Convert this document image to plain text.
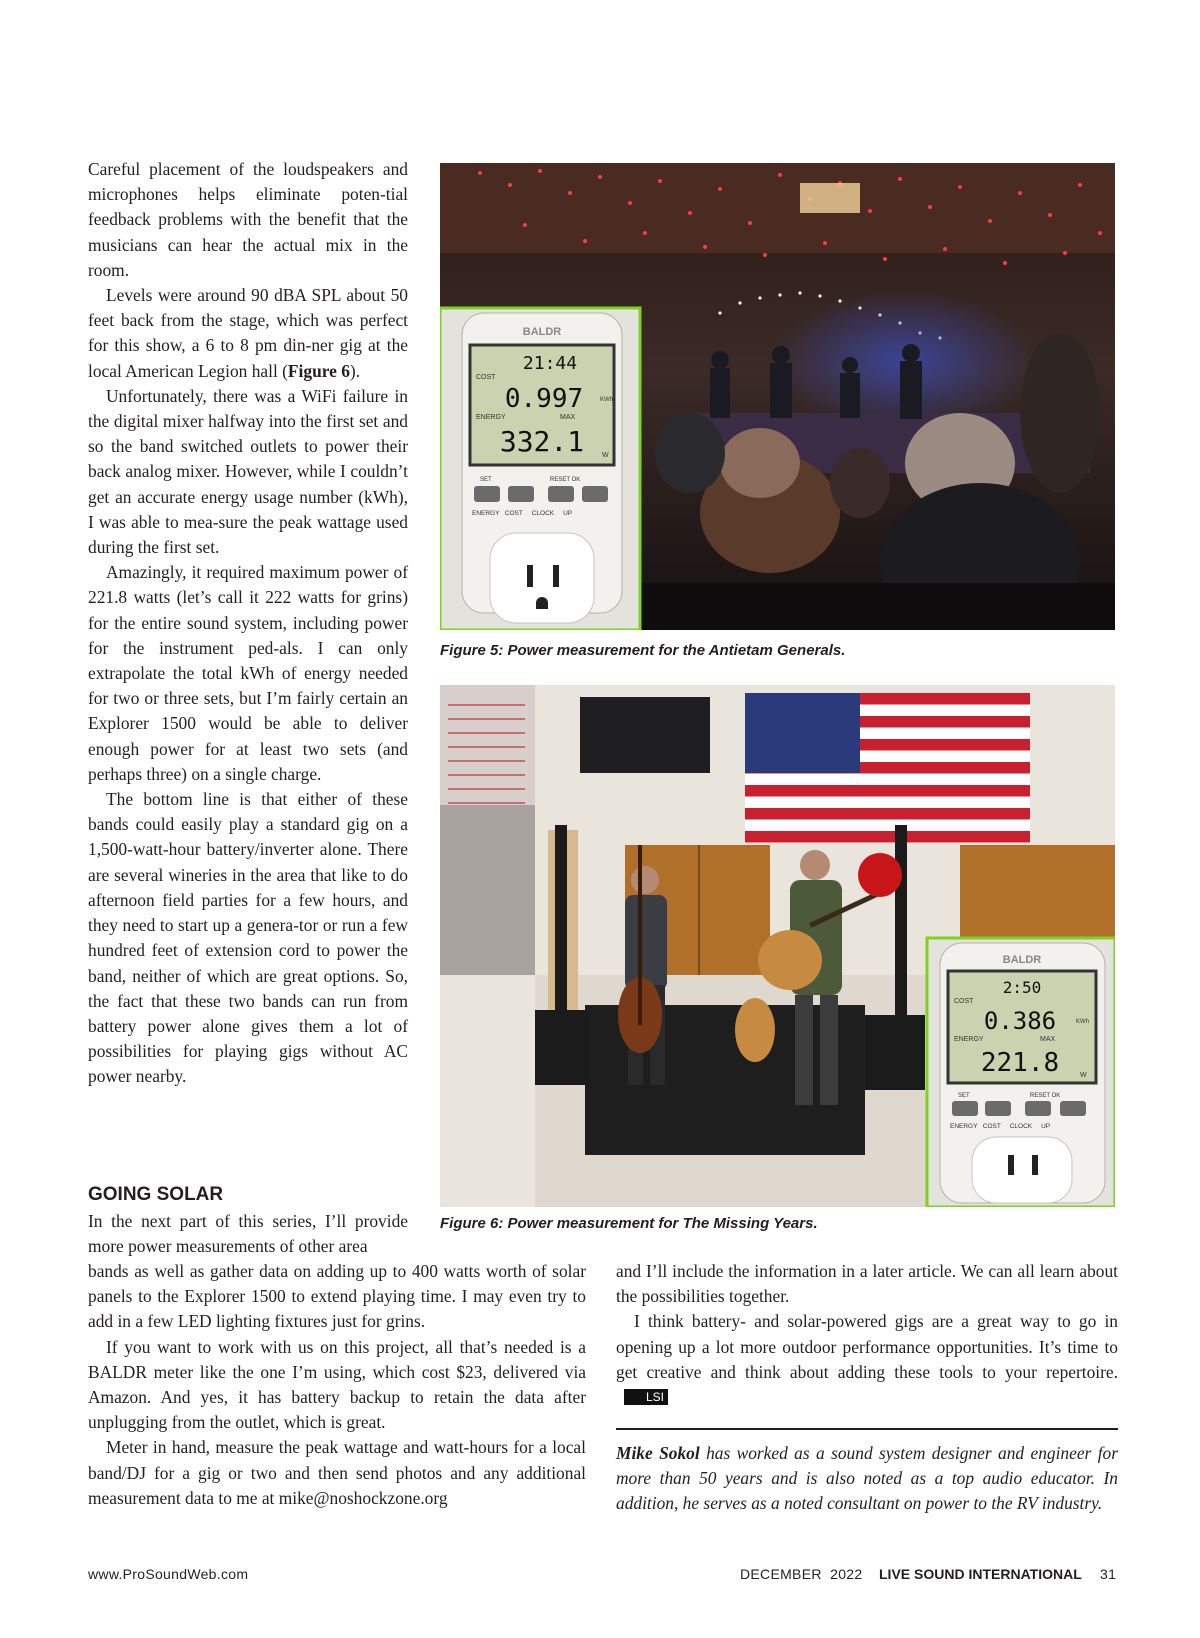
Careful placement of the loudspeakers and microphones helps eliminate poten-tial feedback problems with the benefit that the musicians can hear the actual mix in the room.

Levels were around 90 dBA SPL about 50 feet back from the stage, which was perfect for this show, a 6 to 8 pm din-ner gig at the local American Legion hall (Figure 6).

Unfortunately, there was a WiFi failure in the digital mixer halfway into the first set and so the band switched outlets to power their back analog mixer. However, while I couldn’t get an accurate energy usage number (kWh), I was able to mea-sure the peak wattage used during the first set.

Amazingly, it required maximum power of 221.8 watts (let’s call it 222 watts for grins) for the entire sound system, including power for the instrument ped-als. I can only extrapolate the total kWh of energy needed for two or three sets, but I’m fairly certain an Explorer 1500 would be able to deliver enough power for at least two sets (and perhaps three) on a single charge.

The bottom line is that either of these bands could easily play a standard gig on a 1,500-watt-hour battery/inverter alone. There are several wineries in the area that like to do afternoon field parties for a few hours, and they need to start up a genera-tor or run a few hundred feet of extension cord to power the band, neither of which are great options. So, the fact that these two bands can run from battery power alone gives them a lot of possibilities for playing gigs without AC power nearby.

GOING SOLAR

In the next part of this series, I’ll provide more power measurements of other area

bands as well as gather data on adding up to 400 watts worth of solar panels to the Explorer 1500 to extend playing time. I may even try to add in a few LED lighting fixtures just for grins.

If you want to work with us on this project, all that’s needed is a BALDR meter like the one I’m using, which cost $23, delivered via Amazon. And yes, it has battery backup to retain the data after unplugging from the outlet, which is great.

Meter in hand, measure the peak wattage and watt-hours for a local band/DJ for a gig or two and then send photos and any additional measurement data to me at mike@noshockzone.org

and I’ll include the information in a later article. We can all learn about the possibilities together.

I think battery- and solar-powered gigs are a great way to go in opening up a lot more outdoor performance opportunities. It’s time to get creative and think about adding these tools to your repertoire.LSI

Mike Sokol has worked as a sound system designer and engineer for more than 50 years and is also noted as a top audio educator. In addition, he serves as a noted consultant on power to the RV industry.

BALDR
21:44
COST
0.997	KWh
ENERGY	MAX
332.1	W
SET	RESET OK
ENERGY   COST     CLOCK     UP

Figure 5: Power measurement for the Antietam Generals.

BALDR
2:50
COST
0.386	KWh
ENERGY	MAX
221.8	W
SET	RESET OK
ENERGY   COST     CLOCK     UP

Figure 6: Power measurement for The Missing Years.

www.ProSoundWeb.com	DECEMBER  2022 LIVE SOUND INTERNATIONAL 31
